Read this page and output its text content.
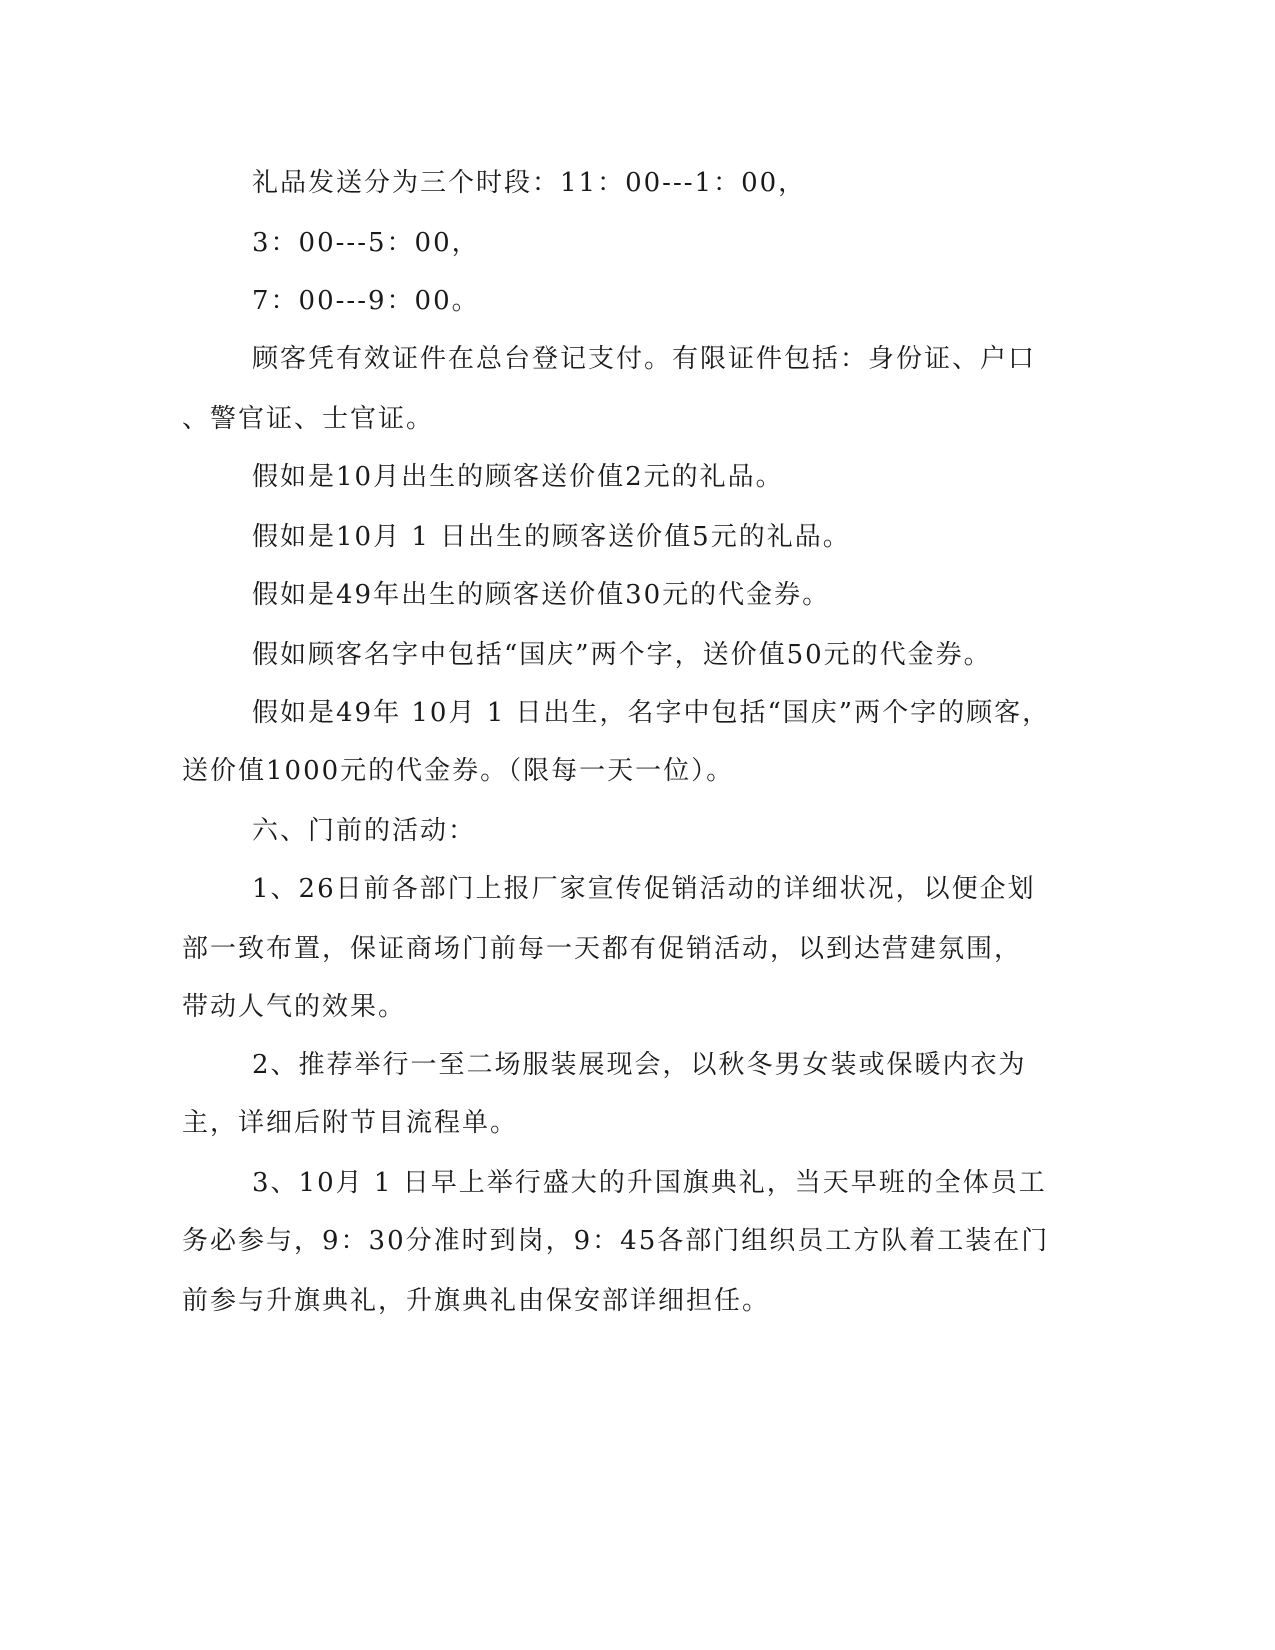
礼品发送分为三个时段：11：00---1：00，
3：00---5：00，
7：00---9：00。
顾客凭有效证件在总台登记支付。有限证件包括：身份证、户口
、警官证、士官证。
假如是10月出生的顾客送价值2元的礼品。
假如是10月 1 日出生的顾客送价值5元的礼品。
假如是49年出生的顾客送价值30元的代金券。
假如顾客名字中包括“国庆”两个字，送价值50元的代金券。
假如是49年 10月 1 日出生，名字中包括“国庆”两个字的顾客，
送价值1000元的代金券。（限每一天一位）。
六、门前的活动：
1、26日前各部门上报厂家宣传促销活动的详细状况，以便企划
部一致布置，保证商场门前每一天都有促销活动，以到达营建氛围，
带动人气的效果。
2、推荐举行一至二场服装展现会，以秋冬男女装或保暖内衣为
主，详细后附节目流程单。
3、10月 1 日早上举行盛大的升国旗典礼，当天早班的全体员工
务必参与，9：30分准时到岗，9：45各部门组织员工方队着工装在门
前参与升旗典礼，升旗典礼由保安部详细担任。
